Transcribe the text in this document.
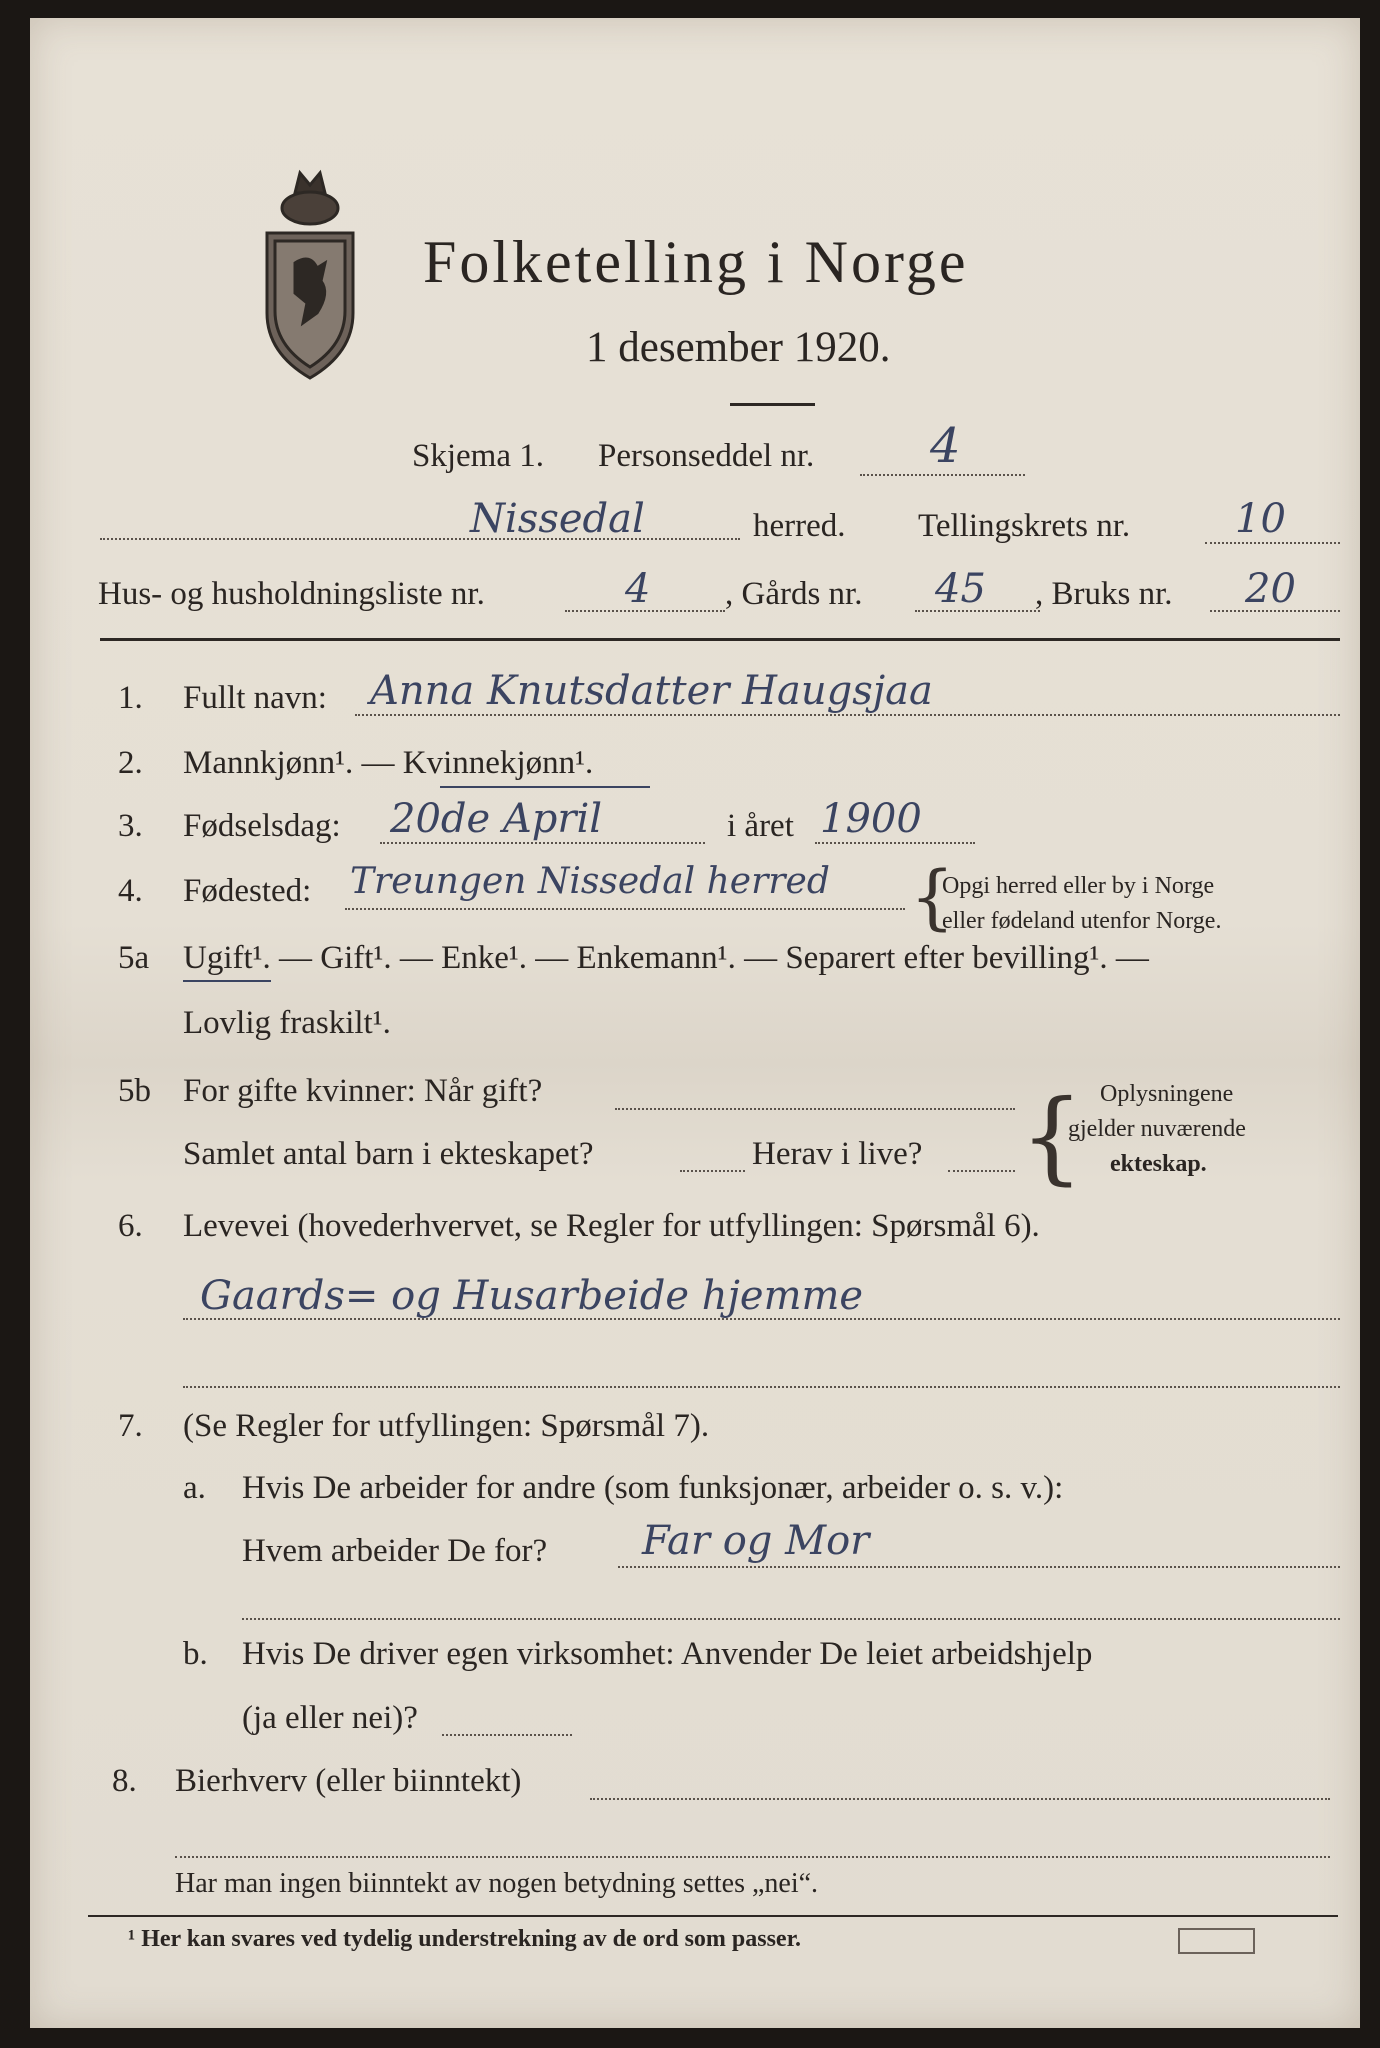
Folketelling i Norge
1 desember 1920.
Skjema 1. Personseddel nr. 4
Nissedal	herred. Tellingskrets nr.	10
Hus- og husholdningsliste nr.	4 , Gårds nr. 45 , Bruks nr. 20
1. Fullt navn: Anna Knutsdatter Haugsjaa
2. Mannkjønn¹. — Kvinnekjønn¹.
3. Fødselsdag: 20de April	i året 1900
4. Fødested: Treungen Nissedal herred {
Opgi herred eller by i Norge
eller fødeland utenfor Norge.
5a Ugift¹. — Gift¹. — Enke¹. — Enkemann¹. — Separert efter bevilling¹. —
Lovlig fraskilt¹.
5b For gifte kvinner: Når gift?
Samlet antal barn i ekteskapet?	Herav i live? { Oplysningene
gjelder nuværende
ekteskap.
6. Levevei (hovederhvervet, se Regler for utfyllingen: Spørsmål 6).
Gaards= og Husarbeide hjemme
7. (Se Regler for utfyllingen: Spørsmål 7).
a. Hvis De arbeider for andre (som funksjonær, arbeider o. s. v.):
Hvem arbeider De for? Far og Mor
b. Hvis De driver egen virksomhet: Anvender De leiet arbeidshjelp
(ja eller nei)?
8. Bierhverv (eller biinntekt)
Har man ingen biinntekt av nogen betydning settes „nei“.
¹ Her kan svares ved tydelig understrekning av de ord som passer.
